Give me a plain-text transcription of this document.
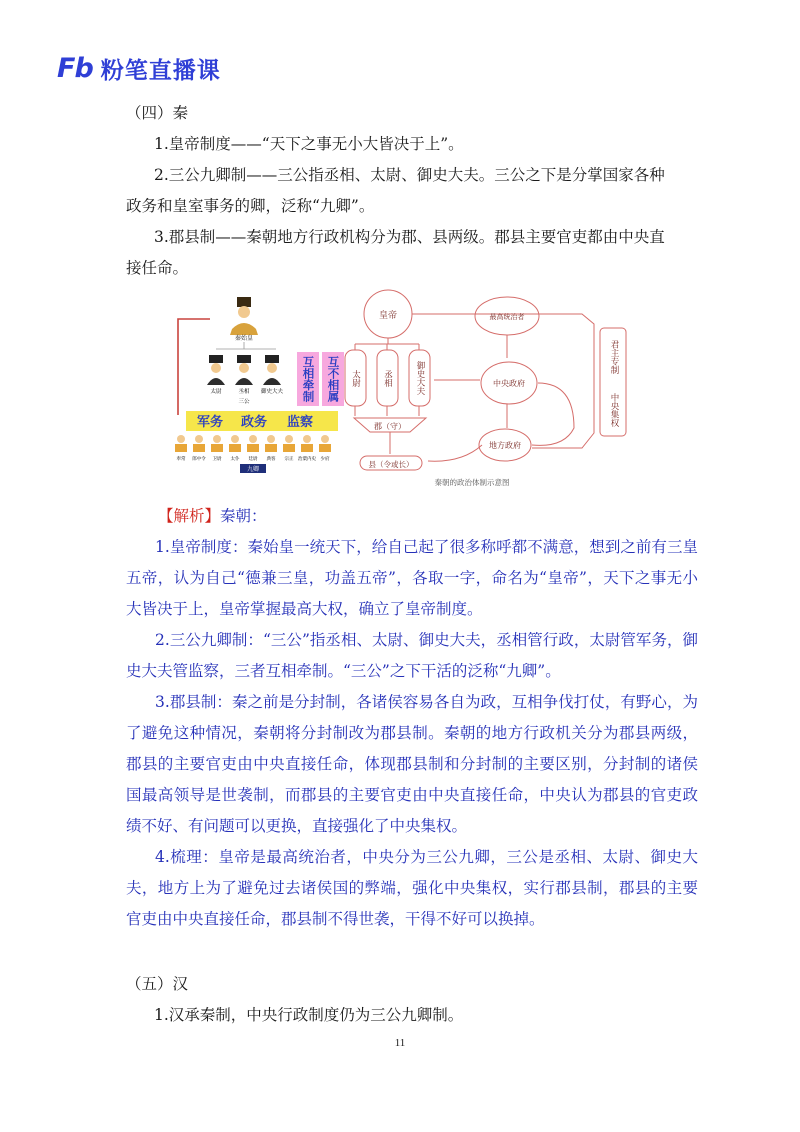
Fb 粉笔直播课
（四）秦
1.皇帝制度——“天下之事无小大皆决于上”。
2.三公九卿制——三公指丞相、太尉、御史大夫。三公之下是分掌国家各种
政务和皇室事务的卿，泛称“九卿”。
3.郡县制——秦朝地方行政机构分为郡、县两级。郡县主要官吏都由中央直
接任命。
秦始皇
太尉	丞相 御史大夫
三公
军务 政务 监察
奉常 郎中令 卫尉 太仆 廷尉 典客 宗正 治粟内史 少府
九卿
互相牵制 互不相属
皇帝	最高统治者
中央政府
地方政府
郡（守）
县（令或长）
秦朝的政治体制示意图
太尉	丞相	御史大夫
君主专制
中央集权
【解析】秦朝：
1.皇帝制度：秦始皇一统天下，给自己起了很多称呼都不满意，想到之前有三皇五帝，认为自己“德兼三皇，功盖五帝”，各取一字，命名为“皇帝”，天下之事无小大皆决于上，皇帝掌握最高大权，确立了皇帝制度。
2.三公九卿制：“三公”指丞相、太尉、御史大夫，丞相管行政，太尉管军务，御史大夫管监察，三者互相牵制。“三公”之下干活的泛称“九卿”。
3.郡县制：秦之前是分封制，各诸侯容易各自为政，互相争伐打仗，有野心，为了避免这种情况，秦朝将分封制改为郡县制。秦朝的地方行政机关分为郡县两级，郡县的主要官吏由中央直接任命，体现郡县制和分封制的主要区别，分封制的诸侯国最高领导是世袭制，而郡县的主要官吏由中央直接任命，中央认为郡县的官吏政绩不好、有问题可以更换，直接强化了中央集权。
4.梳理：皇帝是最高统治者，中央分为三公九卿，三公是丞相、太尉、御史大夫，地方上为了避免过去诸侯国的弊端，强化中央集权，实行郡县制，郡县的主要官吏由中央直接任命，郡县制不得世袭，干得不好可以换掉。
（五）汉
1.汉承秦制，中央行政制度仍为三公九卿制。
11
